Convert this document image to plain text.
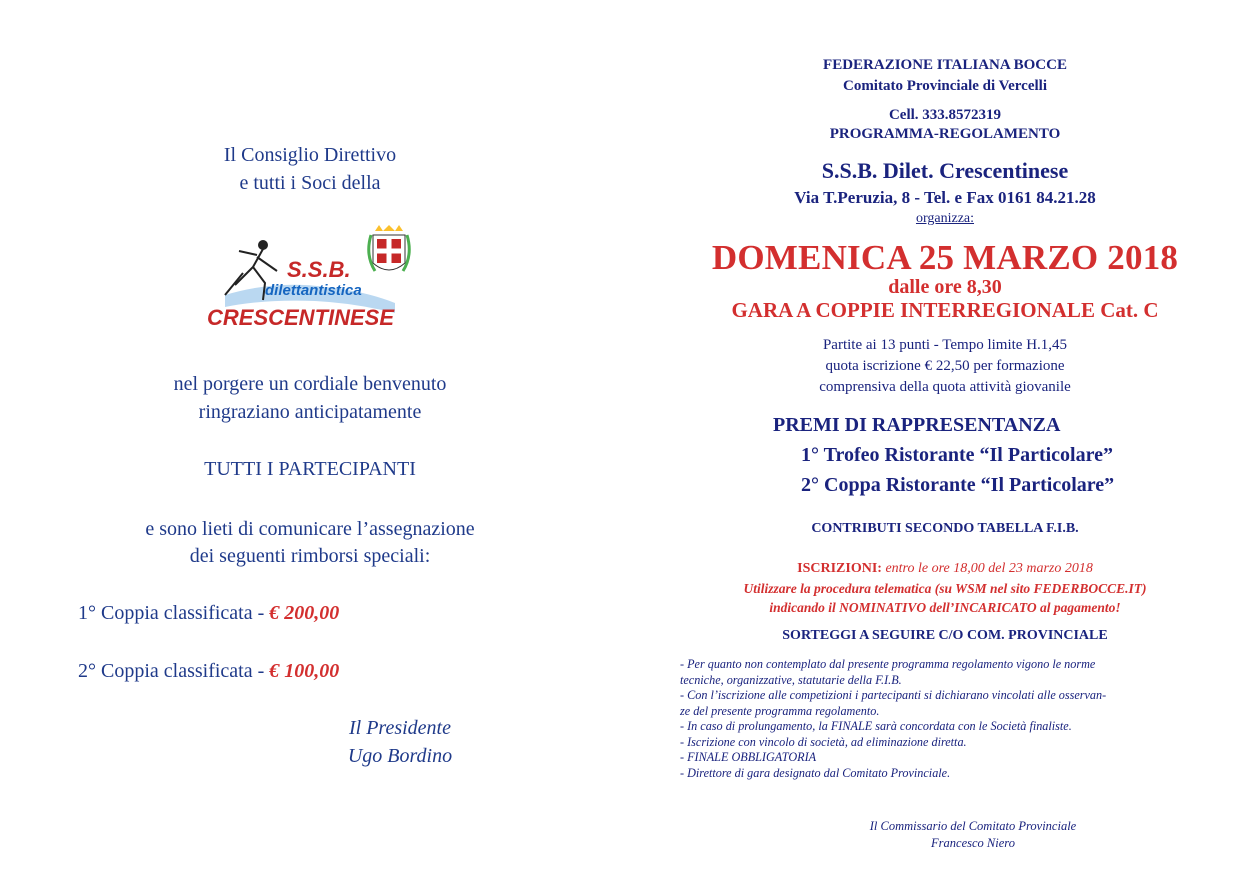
Il Consiglio Direttivo
e tutti i Soci della
S.S.B.
dilettantistica
CRESCENTINESE
nel porgere un cordiale benvenuto
ringraziano anticipatamente
TUTTI I PARTECIPANTI
e sono lieti di comunicare l’assegnazione
dei seguenti rimborsi speciali:
1° Coppia classificata - € 200,00
2° Coppia classificata - € 100,00
Il Presidente
Ugo Bordino
FEDERAZIONE ITALIANA BOCCE
Comitato Provinciale di Vercelli
Cell. 333.8572319
PROGRAMMA-REGOLAMENTO
S.S.B. Dilet. Crescentinese
Via T.Peruzia, 8 - Tel. e Fax 0161 84.21.28
organizza:
DOMENICA 25 MARZO 2018
dalle ore 8,30
GARA A COPPIE INTERREGIONALE Cat. C
Partite ai 13 punti - Tempo limite H.1,45
quota iscrizione € 22,50 per formazione
comprensiva della quota attività giovanile
PREMI DI RAPPRESENTANZA
1° Trofeo Ristorante “Il Particolare”
2° Coppa Ristorante “Il Particolare”
CONTRIBUTI SECONDO TABELLA F.I.B.
ISCRIZIONI: entro le ore 18,00 del 23 marzo 2018
Utilizzare la procedura telematica (su WSM nel sito FEDERBOCCE.IT)
indicando il NOMINATIVO dell’INCARICATO al pagamento!
SORTEGGI A SEGUIRE C/O COM. PROVINCIALE
- Per quanto non contemplato dal presente programma regolamento vigono le norme
tecniche, organizzative, statutarie della F.I.B.
- Con l’iscrizione alle competizioni i partecipanti si dichiarano vincolati alle osservan-
ze del presente programma regolamento.
- In caso di prolungamento, la FINALE sarà concordata con le Società finaliste.
- Iscrizione con vincolo di società, ad eliminazione diretta.
- FINALE OBBLIGATORIA
- Direttore di gara designato dal Comitato Provinciale.
Il Commissario del Comitato Provinciale
Francesco Niero
